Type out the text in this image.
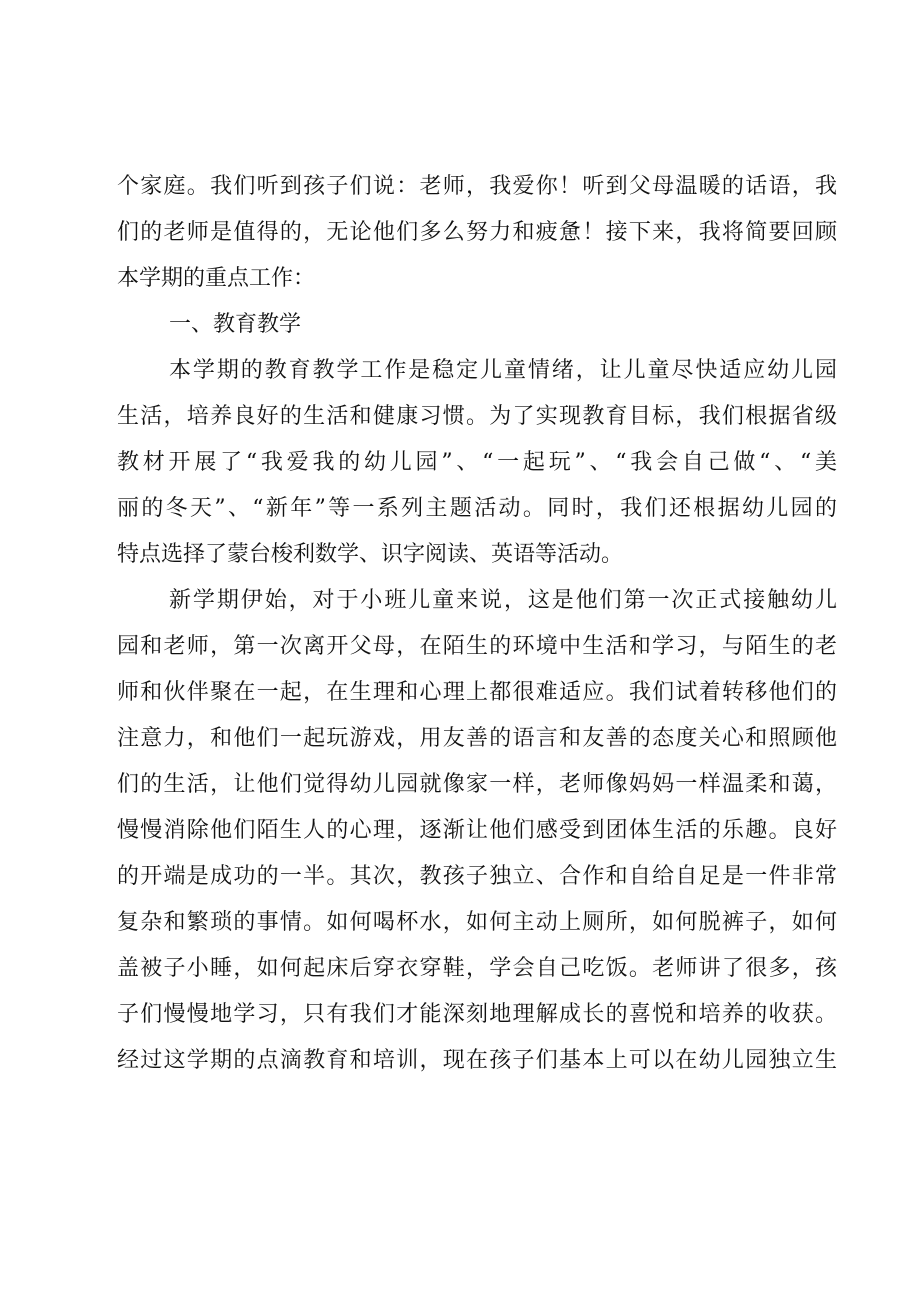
个家庭。我们听到孩子们说：老师，我爱你！听到父母温暖的话语，我
们的老师是值得的，无论他们多么努力和疲惫！接下来，我将简要回顾
本学期的重点工作：
一、教育教学
本学期的教育教学工作是稳定儿童情绪，让儿童尽快适应幼儿园
生活，培养良好的生活和健康习惯。为了实现教育目标，我们根据省级
教材开展了“我爱我的幼儿园”、“一起玩”、“我会自己做“、“美
丽的冬天”、“新年”等一系列主题活动。同时，我们还根据幼儿园的
特点选择了蒙台梭利数学、识字阅读、英语等活动。
新学期伊始，对于小班儿童来说，这是他们第一次正式接触幼儿
园和老师，第一次离开父母，在陌生的环境中生活和学习，与陌生的老
师和伙伴聚在一起，在生理和心理上都很难适应。我们试着转移他们的
注意力，和他们一起玩游戏，用友善的语言和友善的态度关心和照顾他
们的生活，让他们觉得幼儿园就像家一样，老师像妈妈一样温柔和蔼，
慢慢消除他们陌生人的心理，逐渐让他们感受到团体生活的乐趣。良好
的开端是成功的一半。其次，教孩子独立、合作和自给自足是一件非常
复杂和繁琐的事情。如何喝杯水，如何主动上厕所，如何脱裤子，如何
盖被子小睡，如何起床后穿衣穿鞋，学会自己吃饭。老师讲了很多，孩
子们慢慢地学习，只有我们才能深刻地理解成长的喜悦和培养的收获。
经过这学期的点滴教育和培训，现在孩子们基本上可以在幼儿园独立生
